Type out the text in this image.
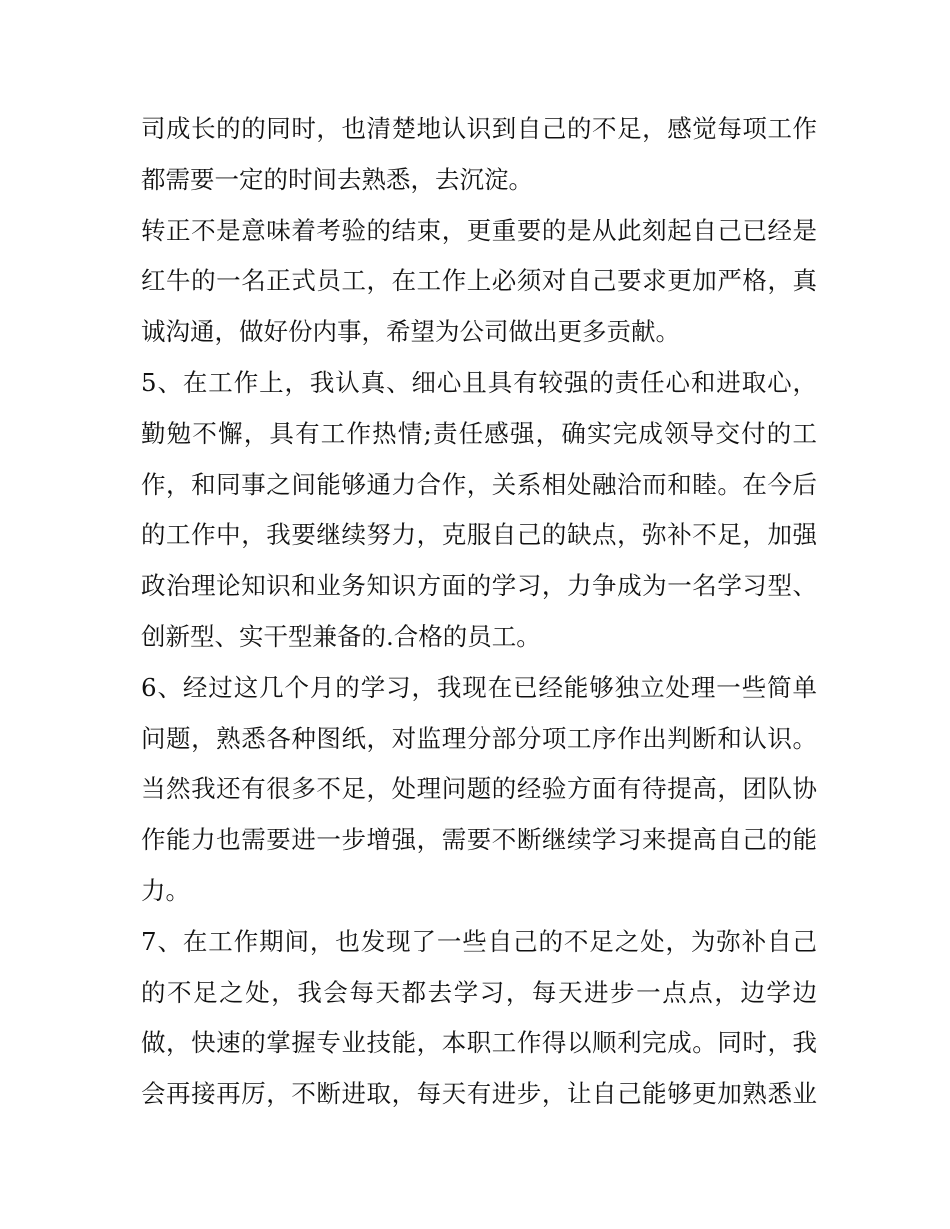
司成长的的同时，也清楚地认识到自己的不足，感觉每项工作
都需要一定的时间去熟悉，去沉淀。
转正不是意味着考验的结束，更重要的是从此刻起自己已经是
红牛的一名正式员工，在工作上必须对自己要求更加严格，真
诚沟通，做好份内事，希望为公司做出更多贡献。
5、在工作上，我认真、细心且具有较强的责任心和进取心，
勤勉不懈，具有工作热情;责任感强，确实完成领导交付的工
作，和同事之间能够通力合作，关系相处融洽而和睦。在今后
的工作中，我要继续努力，克服自己的缺点，弥补不足，加强
政治理论知识和业务知识方面的学习，力争成为一名学习型、
创新型、实干型兼备的.合格的员工。
6、经过这几个月的学习，我现在已经能够独立处理一些简单
问题，熟悉各种图纸，对监理分部分项工序作出判断和认识。
当然我还有很多不足，处理问题的经验方面有待提高，团队协
作能力也需要进一步增强，需要不断继续学习来提高自己的能
力。
7、在工作期间，也发现了一些自己的不足之处，为弥补自己
的不足之处，我会每天都去学习，每天进步一点点，边学边
做，快速的掌握专业技能，本职工作得以顺利完成。同时，我
会再接再厉，不断进取，每天有进步，让自己能够更加熟悉业
